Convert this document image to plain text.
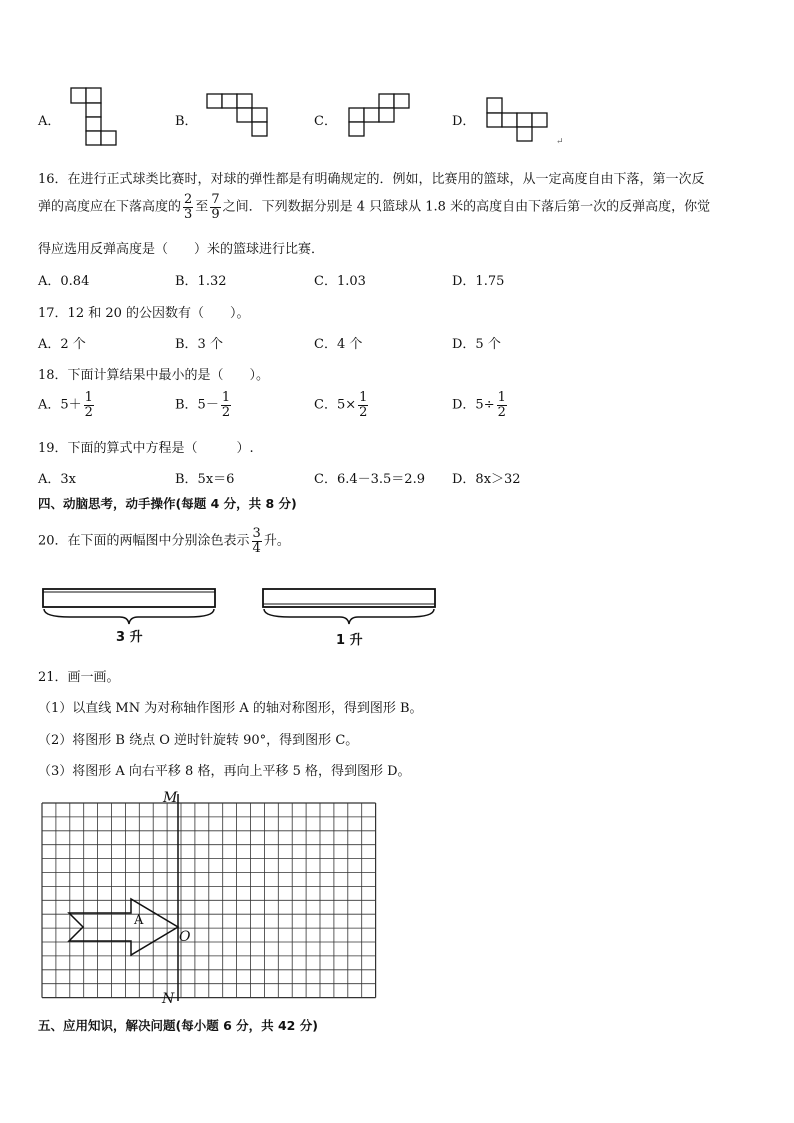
A．	B．	C．	D．
↵
16．在进行正式球类比赛时，对球的弹性都是有明确规定的．例如，比赛用的篮球，从一定高度自由下落，第一次反
弹的高度应在下落高度的 $\frac{2}{3}$ 至 $\frac{7}{9}$ 之间．下列数据分别是 4 只篮球从 1.8 米的高度自由下落后第一次的反弹高度，你觉
得应选用反弹高度是（　　）米的篮球进行比赛．
A．0.84	B．1.32	C．1.03	D．1.75
17．12 和 20 的公因数有（　　）。
A．2 个	B．3 个	C．4 个	D．5 个
18．下面计算结果中最小的是（　　）。
A．$5+ \frac{1}{2}$	B．$5- \frac{1}{2}$	C．$5\times \frac{1}{2}$	D．$5\div \frac{1}{2}$
19．下面的算式中方程是（　　　）.
A．3x	B．5x＝6	C．6.4－3.5＝2.9 D．8x＞32
四、动脑思考，动手操作(每题 4 分，共 8 分)
20．在下面的两幅图中分别涂色表示 $\frac{3}{4}$ 升。
3 升	1 升
21．画一画。
（1）以直线 MN 为对称轴作图形 A 的轴对称图形，得到图形 B。
（2）将图形 B 绕点 O 逆时针旋转 90°，得到图形 C。
（3）将图形 A 向右平移 8 格，再向上平移 5 格，得到图形 D。
M
A
O
N
五、应用知识，解决问题(每小题 6 分，共 42 分)
